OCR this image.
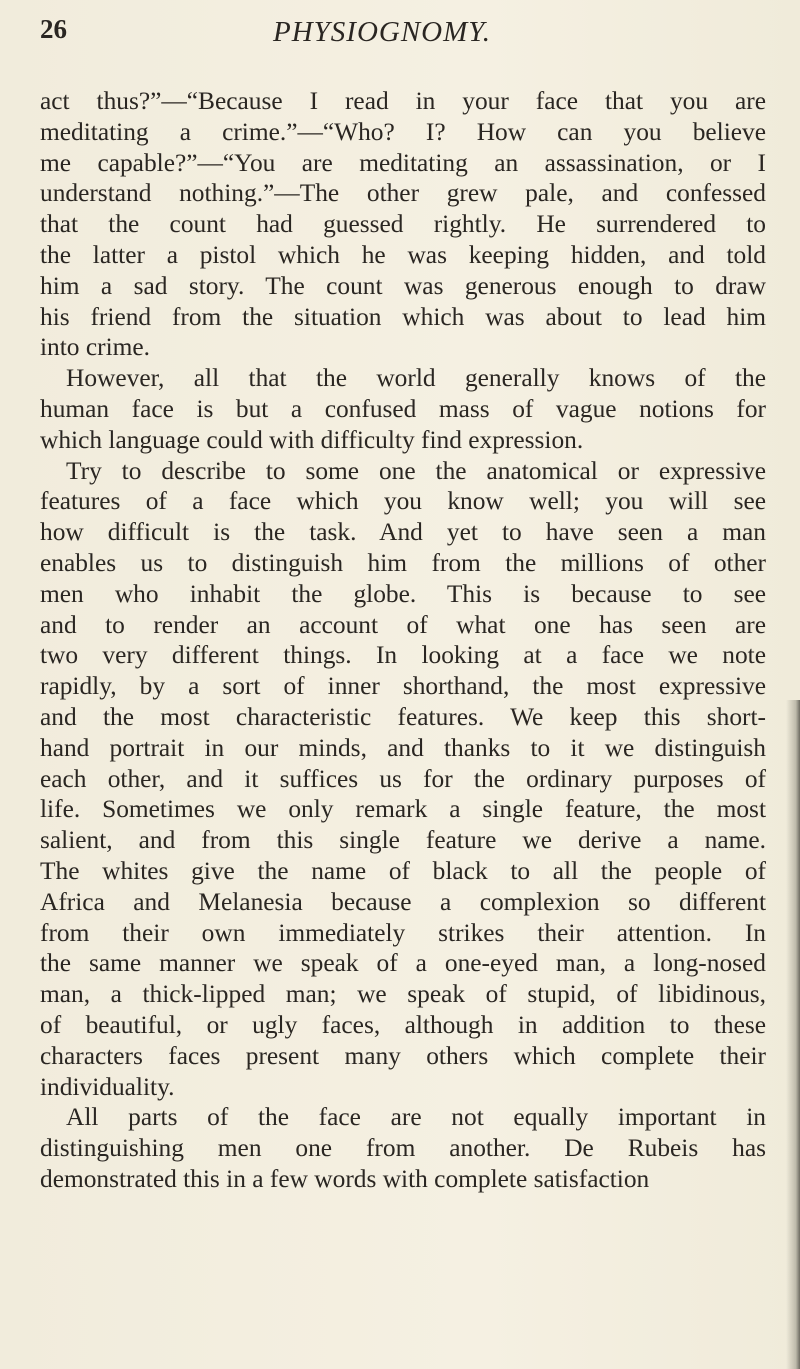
26	PHYSIOGNOMY.
act thus?”—“Because I read in your face that you are
meditating a crime.”—“Who? I? How can you believe
me capable?”—“You are meditating an assassination, or I
understand nothing.”—The other grew pale, and confessed
that the count had guessed rightly. He surrendered to
the latter a pistol which he was keeping hidden, and told
him a sad story. The count was generous enough to draw
his friend from the situation which was about to lead him
into crime.
However, all that the world generally knows of the
human face is but a confused mass of vague notions for
which language could with difficulty find expression.
Try to describe to some one the anatomical or expressive
features of a face which you know well; you will see
how difficult is the task. And yet to have seen a man
enables us to distinguish him from the millions of other
men who inhabit the globe. This is because to see
and to render an account of what one has seen are
two very different things. In looking at a face we note
rapidly, by a sort of inner shorthand, the most expressive
and the most characteristic features. We keep this short-
hand portrait in our minds, and thanks to it we distinguish
each other, and it suffices us for the ordinary purposes of
life. Sometimes we only remark a single feature, the most
salient, and from this single feature we derive a name.
The whites give the name of black to all the people of
Africa and Melanesia because a complexion so different
from their own immediately strikes their attention. In
the same manner we speak of a one-eyed man, a long-nosed
man, a thick-lipped man; we speak of stupid, of libidinous,
of beautiful, or ugly faces, although in addition to these
characters faces present many others which complete their
individuality.
All parts of the face are not equally important in
distinguishing men one from another. De Rubeis has
demonstrated this in a few words with complete satisfaction
